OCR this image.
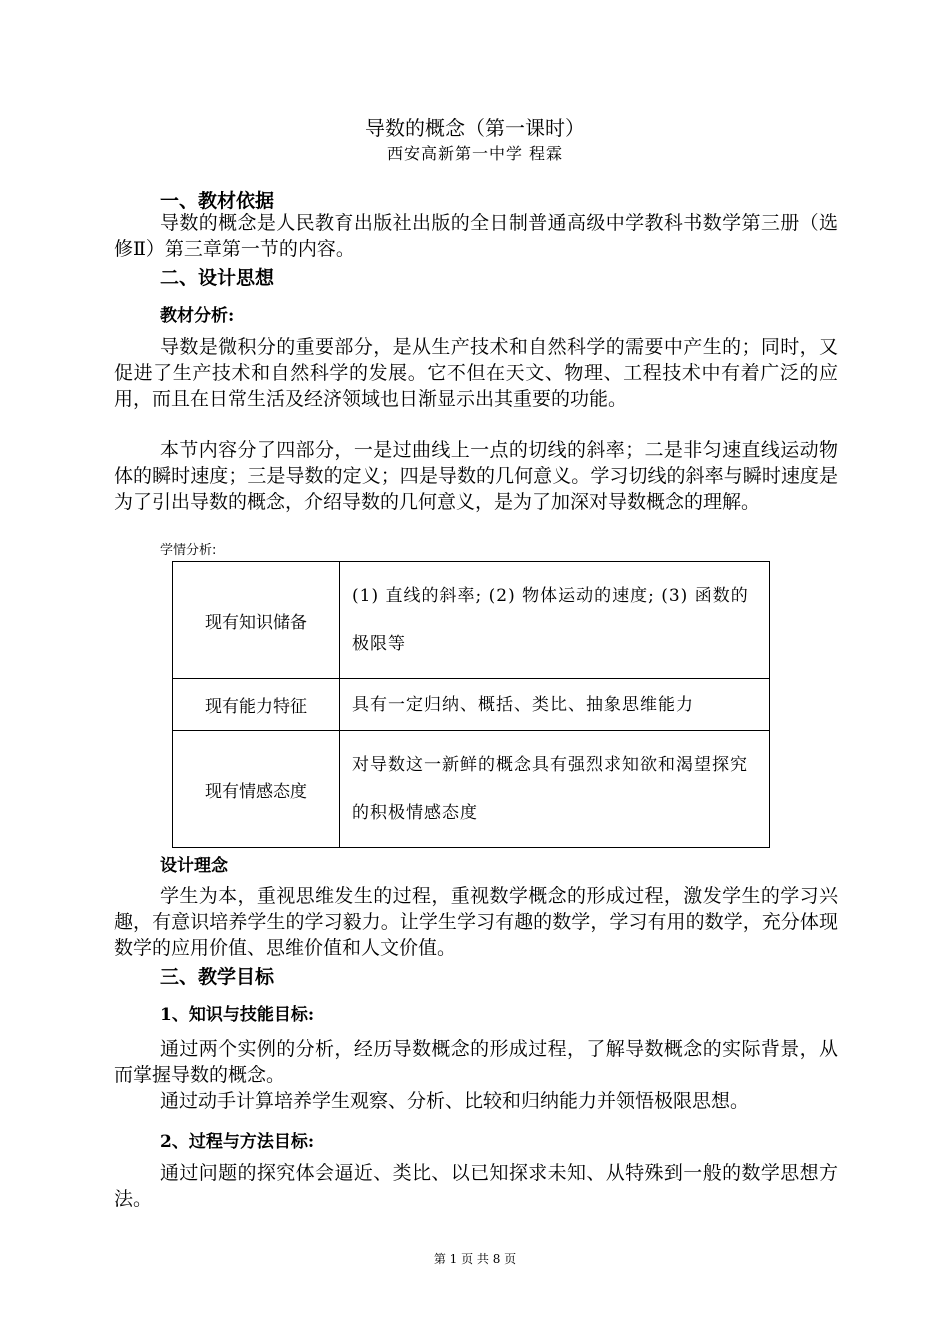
导数的概念（第一课时）
西安高新第一中学 程霖
一、教材依据
导数的概念是人民教育出版社出版的全日制普通高级中学教科书数学第三册（选修Ⅱ）第三章第一节的内容。
二、设计思想
教材分析:
导数是微积分的重要部分，是从生产技术和自然科学的需要中产生的；同时，又促进了生产技术和自然科学的发展。它不但在天文、物理、工程技术中有着广泛的应用，而且在日常生活及经济领域也日渐显示出其重要的功能。
本节内容分了四部分，一是过曲线上一点的切线的斜率；二是非匀速直线运动物体的瞬时速度；三是导数的定义；四是导数的几何意义。学习切线的斜率与瞬时速度是为了引出导数的概念，介绍导数的几何意义，是为了加深对导数概念的理解。
学情分析:
现有知识储备	(1) 直线的斜率; (2) 物体运动的速度; (3) 函数的极限等
现有能力特征	具有一定归纳、概括、类比、抽象思维能力
现有情感态度	对导数这一新鲜的概念具有强烈求知欲和渴望探究的积极情感态度
设计理念
学生为本，重视思维发生的过程，重视数学概念的形成过程，激发学生的学习兴趣，有意识培养学生的学习毅力。让学生学习有趣的数学，学习有用的数学，充分体现数学的应用价值、思维价值和人文价值。
三、教学目标
1、知识与技能目标:
通过两个实例的分析，经历导数概念的形成过程，了解导数概念的实际背景，从而掌握导数的概念。
通过动手计算培养学生观察、分析、比较和归纳能力并领悟极限思想。
2、过程与方法目标:
通过问题的探究体会逼近、类比、以已知探求未知、从特殊到一般的数学思想方法。
第 1 页 共 8 页
